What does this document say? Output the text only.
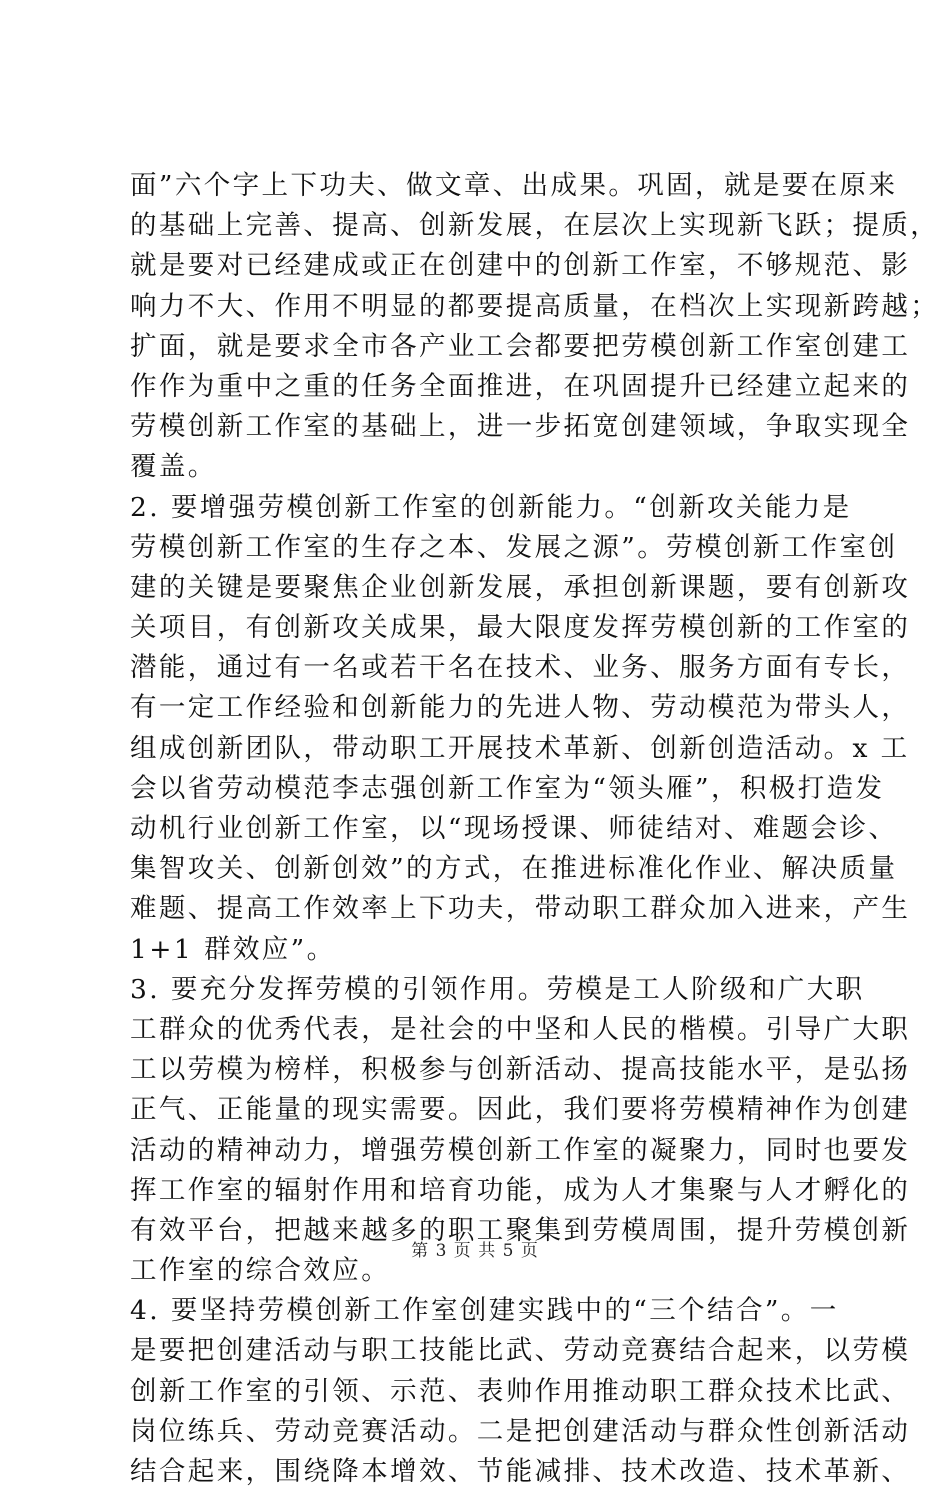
面”六个字上下功夫、做文章、出成果。巩固，就是要在原来
的基础上完善、提高、创新发展，在层次上实现新飞跃；提质，
就是要对已经建成或正在创建中的创新工作室，不够规范、影
响力不大、作用不明显的都要提高质量，在档次上实现新跨越；
扩面，就是要求全市各产业工会都要把劳模创新工作室创建工
作作为重中之重的任务全面推进，在巩固提升已经建立起来的
劳模创新工作室的基础上，进一步拓宽创建领域，争取实现全
覆盖。
2. 要增强劳模创新工作室的创新能力。“创新攻关能力是
劳模创新工作室的生存之本、发展之源”。劳模创新工作室创
建的关键是要聚焦企业创新发展，承担创新课题，要有创新攻
关项目，有创新攻关成果，最大限度发挥劳模创新的工作室的
潜能，通过有一名或若干名在技术、业务、服务方面有专长，
有一定工作经验和创新能力的先进人物、劳动模范为带头人，
组成创新团队，带动职工开展技术革新、创新创造活动。x 工
会以省劳动模范李志强创新工作室为“领头雁”，积极打造发
动机行业创新工作室，以“现场授课、师徒结对、难题会诊、
集智攻关、创新创效”的方式，在推进标准化作业、解决质量
难题、提高工作效率上下功夫，带动职工群众加入进来，产生
1+1 群效应”。
3. 要充分发挥劳模的引领作用。劳模是工人阶级和广大职
工群众的优秀代表，是社会的中坚和人民的楷模。引导广大职
工以劳模为榜样，积极参与创新活动、提高技能水平，是弘扬
正气、正能量的现实需要。因此，我们要将劳模精神作为创建
活动的精神动力，增强劳模创新工作室的凝聚力，同时也要发
挥工作室的辐射作用和培育功能，成为人才集聚与人才孵化的
有效平台，把越来越多的职工聚集到劳模周围，提升劳模创新
工作室的综合效应。
4. 要坚持劳模创新工作室创建实践中的“三个结合”。一
是要把创建活动与职工技能比武、劳动竞赛结合起来，以劳模
创新工作室的引领、示范、表帅作用推动职工群众技术比武、
岗位练兵、劳动竞赛活动。二是把创建活动与群众性创新活动
结合起来，围绕降本增效、节能减排、技术改造、技术革新、
第 3 页 共 5 页
